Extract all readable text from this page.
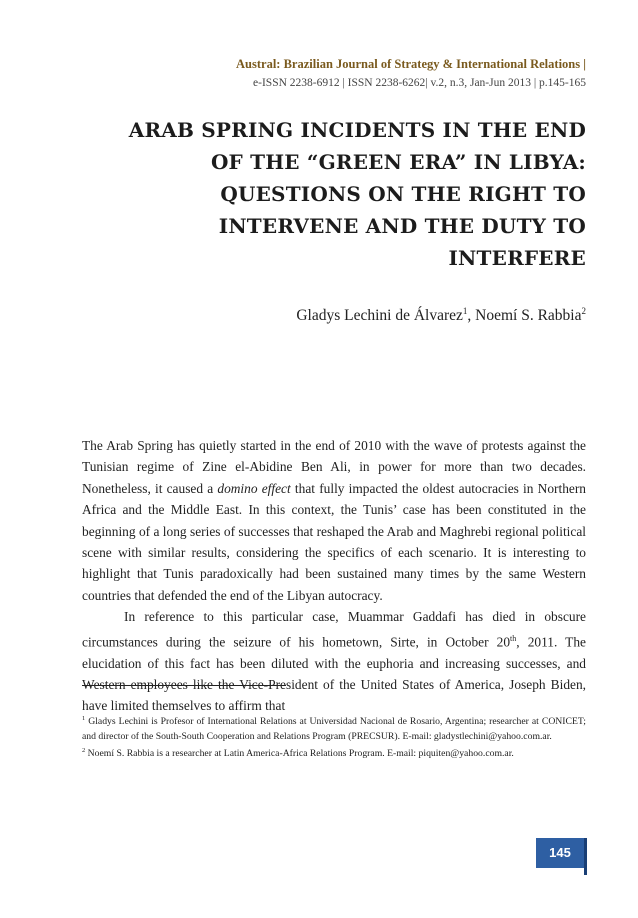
Austral: Brazilian Journal of Strategy & International Relations |
e-ISSN 2238-6912 | ISSN 2238-6262| v.2, n.3, Jan-Jun 2013 | p.145-165
ARAB SPRING INCIDENTS IN THE END
OF THE “GREEN ERA” IN LIBYA:
QUESTIONS ON THE RIGHT TO
INTERVENE AND THE DUTY TO
INTERFERE
Gladys Lechini de Álvarez$^1$, Noemí S. Rabbia$^2$

The Arab Spring has quietly started in the end of 2010 with the wave of protests against the Tunisian regime of Zine el-Abidine Ben Ali, in power for more than two decades. Nonetheless, it caused a domino effect that fully impacted the oldest autocracies in Northern Africa and the Middle East. In this context, the Tunis’ case has been constituted in the beginning of a long series of successes that reshaped the Arab and Maghrebi regional political scene with similar results, considering the specifics of each scenario. It is interesting to highlight that Tunis paradoxically had been sustained many times by the same Western countries that defended the end of the Libyan autocracy.

In reference to this particular case, Muammar Gaddafi has died in obscure circumstances during the seizure of his hometown, Sirte, in October 20th, 2011. The elucidation of this fact has been diluted with the euphoria and increasing successes, and Western employees like the Vice-President of the United States of America, Joseph Biden, have limited themselves to affirm that

$^1$ Gladys Lechini is Profesor of International Relations at Universidad Nacional de Rosario, Argentina; researcher at CONICET; and director of the South-South Cooperation and Relations Program (PRECSUR). E-mail: gladystlechini@yahoo.com.ar.

$^2$ Noemí S. Rabbia is a researcher at Latin America-Africa Relations Program. E-mail: piquiten@yahoo.com.ar.

145
